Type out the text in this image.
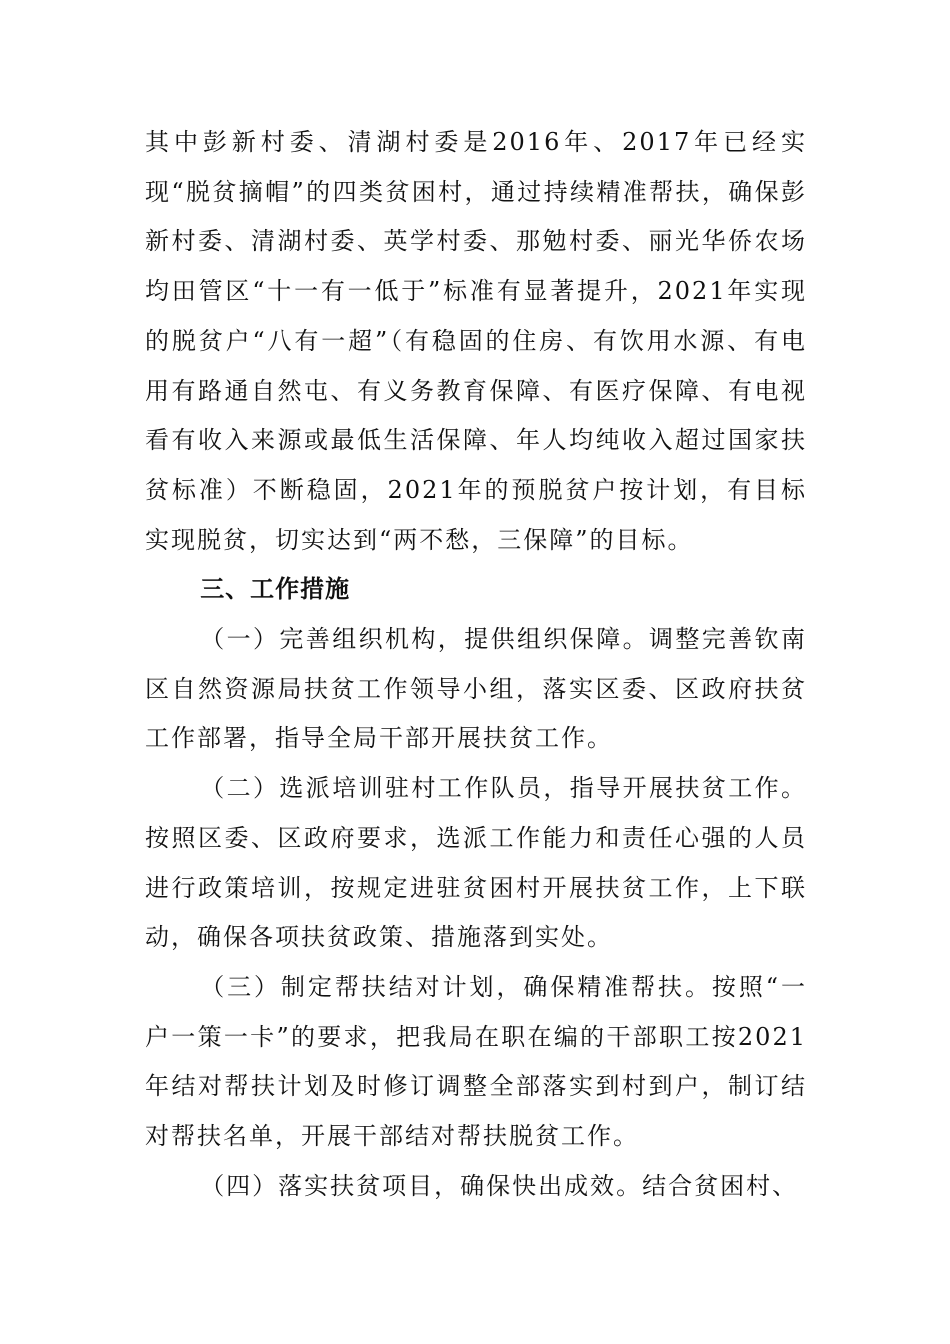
其中彭新村委、清湖村委是2016年、2017年已经实现“脱贫摘帽”的四类贫困村，通过持续精准帮扶，确保彭新村委、清湖村委、英学村委、那勉村委、丽光华侨农场均田管区“十一有一低于”标准有显著提升，2021年实现的脱贫户“八有一超”（有稳固的住房、有饮用水源、有电用有路通自然屯、有义务教育保障、有医疗保障、有电视看有收入来源或最低生活保障、年人均纯收入超过国家扶贫标准）不断稳固，2021年的预脱贫户按计划，有目标实现脱贫，切实达到“两不愁，三保障”的目标。

三、工作措施

（一）完善组织机构，提供组织保障。调整完善钦南区自然资源局扶贫工作领导小组，落实区委、区政府扶贫工作部署，指导全局干部开展扶贫工作。

（二）选派培训驻村工作队员，指导开展扶贫工作。按照区委、区政府要求，选派工作能力和责任心强的人员进行政策培训，按规定进驻贫困村开展扶贫工作，上下联动，确保各项扶贫政策、措施落到实处。

（三）制定帮扶结对计划，确保精准帮扶。按照“一户一策一卡”的要求，把我局在职在编的干部职工按2021年结对帮扶计划及时修订调整全部落实到村到户，制订结对帮扶名单，开展干部结对帮扶脱贫工作。

（四）落实扶贫项目，确保快出成效。结合贫困村、
